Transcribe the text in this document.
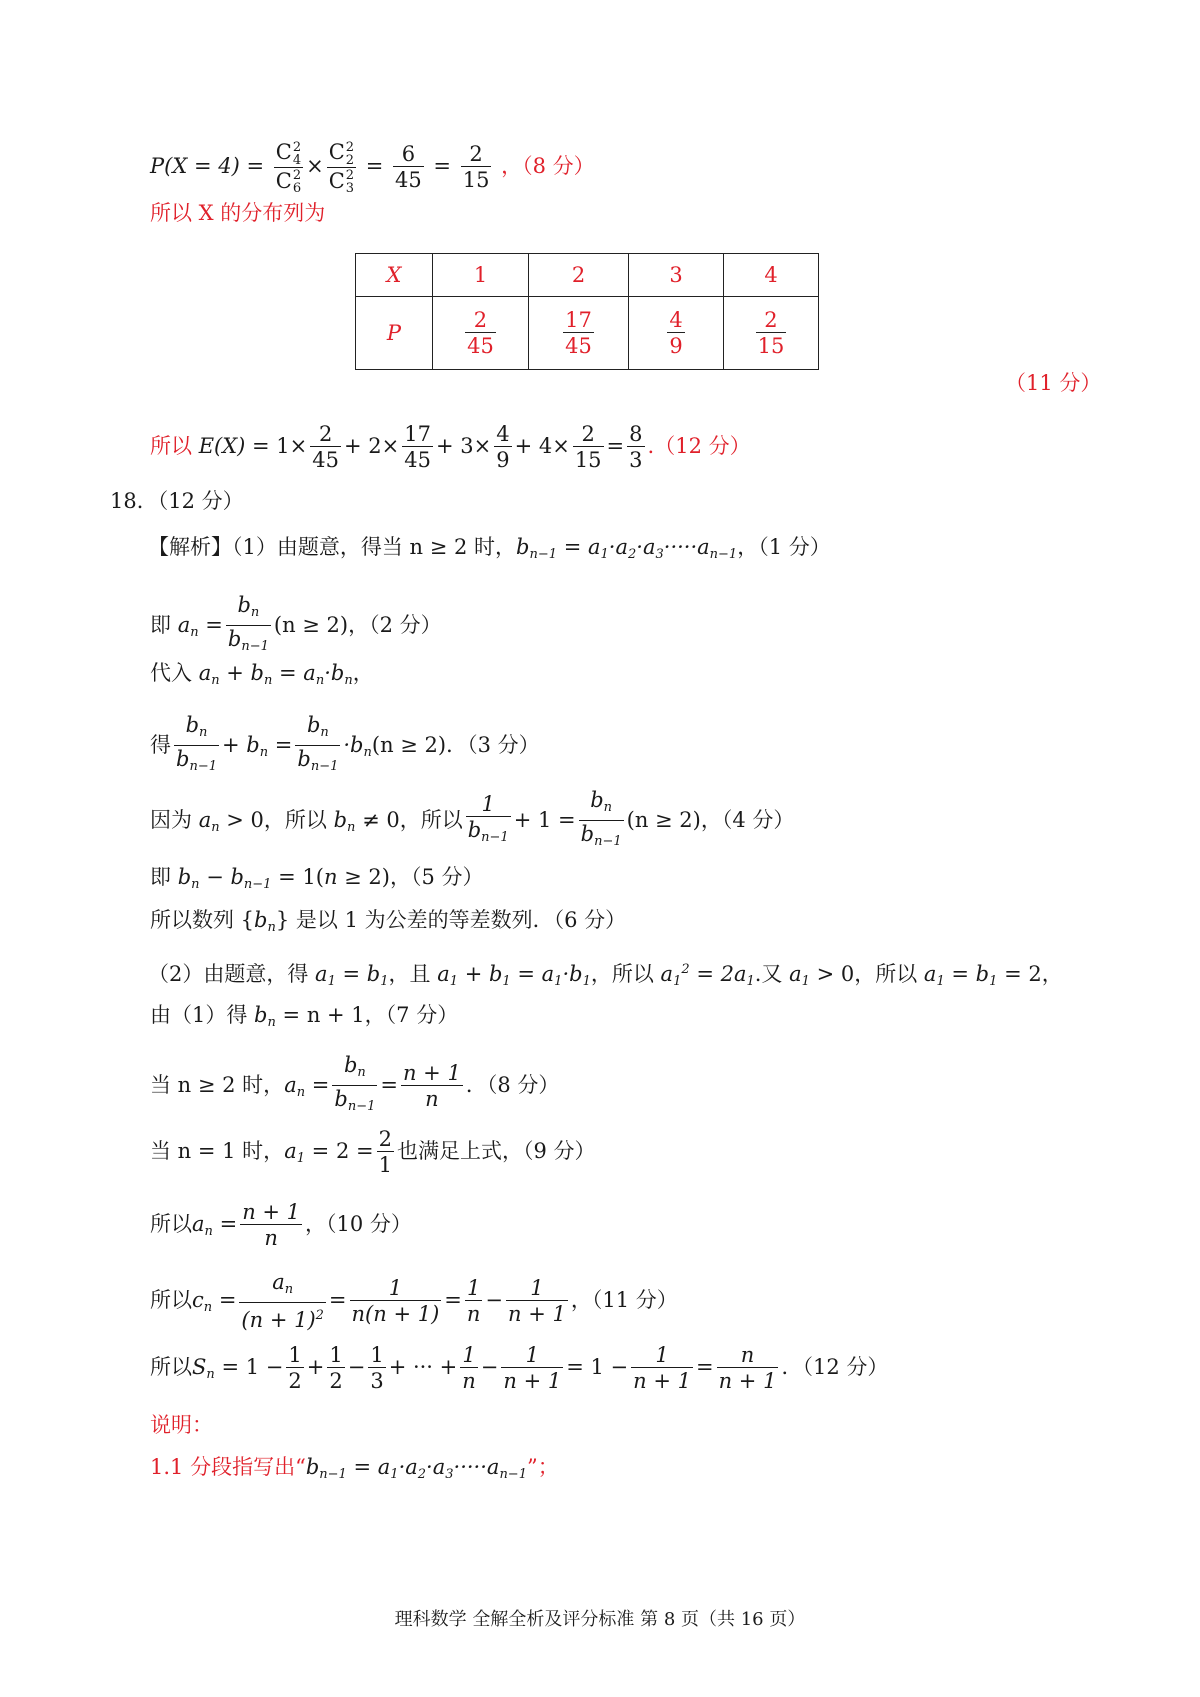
P(X = 4) =
C2
4
C2
6
×
C2
2
C2
3
= $\frac{6}{45} = \frac{2}{15}$ ，（8 分）
所以 X 的分布列为
X	1	2	3	4
P	$\frac{2}{45}$	$\frac{17}{45}$	$\frac{4}{9}$	$\frac{2}{15}$
（11 分）
所以 $E(X) = 1\times \frac{2}{45} + 2\times \frac{17}{45} + 3\times \frac{4}{9} + 4\times \frac{2}{15} = \frac{8}{3} .(12$ 分）
18．（12 分）
【解析】（1）由题意，得当 n ≥ 2 时，$b_{n-1} = a_1\cdot a_2\cdot a_3\cdot\cdot\cdot\cdot\cdot a_{n-1}$，（1 分）
即 $a_n = \frac{b_n}{b_{n-1}} (n \ge 2)$，（2 分）
代入 $a_n + b_n = a_n\cdot b_n$，
得 $\frac{b_n}{b_{n-1}} + b_n = \frac{b_n}{b_{n-1}} \cdot b_n(n \ge 2)$．（3 分）
因为 $a_n > 0$，所以 $b_n \ne 0$，所以 $\frac{1}{b_{n-1}} + 1 = \frac{b_n}{b_{n-1}} (n \ge 2)$，（4 分）
即 $b_n - b_{n-1} = 1(n \ge 2)$，（5 分）
所以数列 $\{b_n\}$ 是以 1 为公差的等差数列．（6 分）
（2）由题意，得 $a_1 = b_1$，且 $a_1 + b_1 = a_1\cdot b_1$，所以 $a_1^2 = 2a_1$.又 $a_1 > 0$，所以 $a_1 = b_1 = 2$，
由（1）得 $b_n = n + 1$，（7 分）
当 n ≥ 2 时，$a_n = \frac{b_n}{b_{n-1}} = \frac{n + 1}{n}$ ．（8 分）
当 n = 1 时，$a_1 = 2 = \frac{2}{1}$ 也满足上式，（9 分）
所以$a_n = \frac{n + 1}{n}$ ，（10 分）
所以$c_n = \frac{a_n}{(n + 1)^2} = \frac{1}{n(n + 1)} = \frac{1}{n} - \frac{1}{n + 1}$ ，（11 分）
所以$S_n = 1 - \frac{1}{2} + \frac{1}{2} - \frac{1}{3}$ + ··· + $\frac{1}{n} - \frac{1}{n + 1} = 1 - \frac{1}{n + 1} = \frac{n}{n + 1}$ ．（12 分）
说明：
1.1 分段指写出“$b_{n-1} = a_1\cdot a_2\cdot a_3\cdot\cdot\cdot\cdot\cdot a_{n-1}$”；
理科数学 全解全析及评分标准 第 8 页（共 16 页）
